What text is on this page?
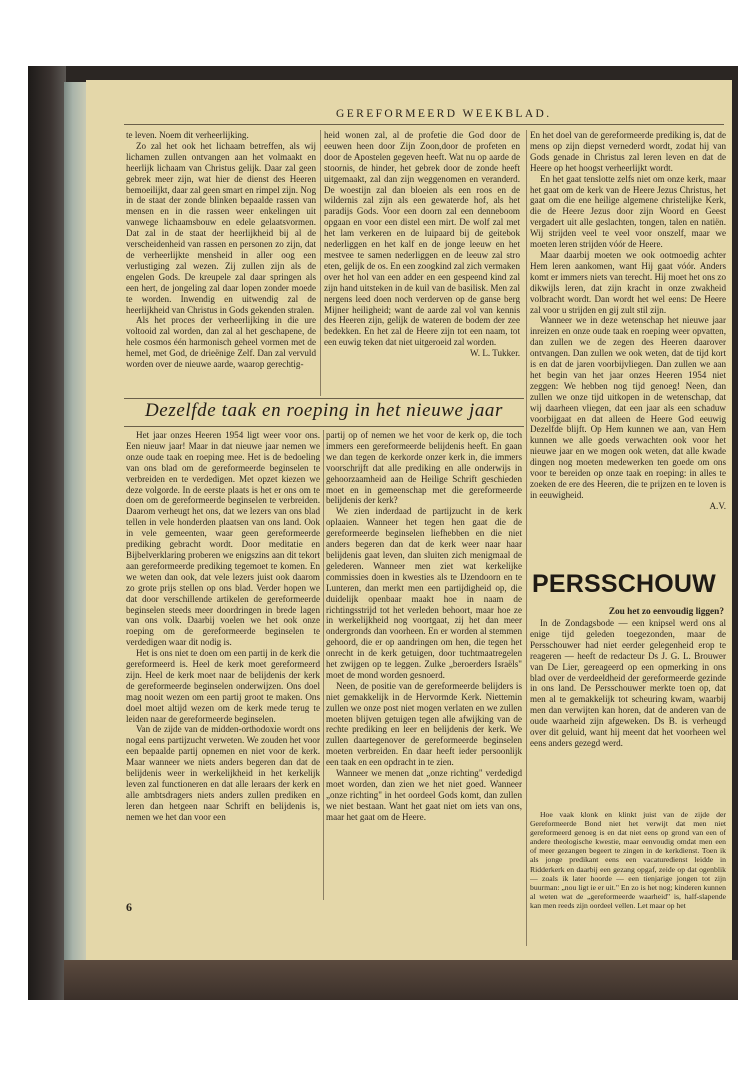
GEREFORMEERD WEEKBLAD.

te leven. Noem dit verheerlijking.

Zo zal het ook het lichaam betreffen, als wij lichamen zullen ontvangen aan het volmaakt en heerlijk lichaam van Christus gelijk. Daar zal geen gebrek meer zijn, wat hier de dienst des Heeren bemoeilijkt, daar zal geen smart en rimpel zijn. Nog in de staat der zonde blinken bepaalde rassen van mensen en in die rassen weer enkelingen uit vanwege lichaamsbouw en edele gelaatsvormen. Dat zal in de staat der heerlijkheid bij al de verscheidenheid van rassen en personen zo zijn, dat de verheerlijkte mensheid in aller oog een verlustiging zal wezen. Zij zullen zijn als de engelen Gods. De kreupele zal daar springen als een hert, de jongeling zal daar lopen zonder moede te worden. Inwendig en uitwendig zal de heerlijkheid van Christus in Gods gekenden stralen.

Als het proces der verheerlijking in die ure voltooid zal worden, dan zal al het geschapene, de hele cosmos één harmonisch geheel vormen met de hemel, met God, de drieënige Zelf. Dan zal vervuld worden over de nieuwe aarde, waarop gerechtig-

heid wonen zal, al de profetie die God door de eeuwen heen door Zijn Zoon,door de profeten en door de Apostelen gegeven heeft. Wat nu op aarde de stoornis, de hinder, het gebrek door de zonde heeft uitgemaakt, zal dan zijn weggenomen en veranderd. De woestijn zal dan bloeien als een roos en de wildernis zal zijn als een gewaterde hof, als het paradijs Gods. Voor een doorn zal een denneboom opgaan en voor een distel een mirt. De wolf zal met het lam verkeren en de luipaard bij de geitebok nederliggen en het kalf en de jonge leeuw en het mestvee te samen nederliggen en de leeuw zal stro eten, gelijk de os. En een zoogkind zal zich vermaken over het hol van een adder en een gespeend kind zal zijn hand uitsteken in de kuil van de basilisk. Men zal nergens leed doen noch verderven op de ganse berg Mijner heiligheid; want de aarde zal vol van kennis des Heeren zijn, gelijk de wateren de bodem der zee bedekken. En het zal de Heere zijn tot een naam, tot een euwig teken dat niet uitgeroeid zal worden.

W. L. Tukker.

En het doel van de gereformeerde prediking is, dat de mens op zijn diepst vernederd wordt, zodat hij van Gods genade in Christus zal leren leven en dat de Heere op het hoogst verheerlijkt wordt.

En het gaat tenslotte zelfs niet om onze kerk, maar het gaat om de kerk van de Heere Jezus Christus, het gaat om die ene heilige algemene christelijke Kerk, die de Heere Jezus door zijn Woord en Geest vergadert uit alle geslachten, tongen, talen en natiën. Wij strijden veel te veel voor onszelf, maar we moeten leren strijden vóór de Heere.

Maar daarbij moeten we ook ootmoedig achter Hem leren aankomen, want Hij gaat vóór. Anders komt er immers niets van terecht. Hij moet het ons zo dikwijls leren, dat zijn kracht in onze zwakheid volbracht wordt. Dan wordt het wel eens: De Heere zal voor u strijden en gij zult stil zijn.

Wanneer we in deze wetenschap het nieuwe jaar inreizen en onze oude taak en roeping weer opvatten, dan zullen we de zegen des Heeren daarover ontvangen. Dan zullen we ook weten, dat de tijd kort is en dat de jaren voorbijvliegen. Dan zullen we aan het begin van het jaar onzes Heeren 1954 niet zeggen: We hebben nog tijd genoeg! Neen, dan zullen we onze tijd uitkopen in de wetenschap, dat wij daarheen vliegen, dat een jaar als een schaduw voorbijgaat en dat alleen de Heere God eeuwig Dezelfde blijft. Op Hem kunnen we aan, van Hem kunnen we alle goeds verwachten ook voor het nieuwe jaar en we mogen ook weten, dat alle kwade dingen nog moeten medewerken ten goede om ons voor te bereiden op onze taak en roeping: in alles te zoeken de ere des Heeren, die te prijzen en te loven is in eeuwigheid.

A.V.
Dezelfde taak en roeping in het nieuwe jaar

Het jaar onzes Heeren 1954 ligt weer voor ons. Een nieuw jaar! Maar in dat nieuwe jaar nemen we onze oude taak en roeping mee. Het is de bedoeling van ons blad om de gereformeerde beginselen te verbreiden en te verdedigen. Met opzet kiezen we deze volgorde. In de eerste plaats is het er ons om te doen om de gereformeerde beginselen te verbreiden. Daarom verheugt het ons, dat we lezers van ons blad tellen in vele honderden plaatsen van ons land. Ook in vele gemeenten, waar geen gereformeerde prediking gebracht wordt. Door meditatie en Bijbelverklaring proberen we enigszins aan dit tekort aan gereformeerde prediking tegemoet te komen. En we weten dan ook, dat vele lezers juist ook daarom zo grote prijs stellen op ons blad. Verder hopen we dat door verschillende artikelen de gereformeerde beginselen steeds meer doordringen in brede lagen van ons volk. Daarbij voelen we het ook onze roeping om de gereformeerde beginselen te verdedigen waar dit nodig is.

Het is ons niet te doen om een partij in de kerk die gereformeerd is. Heel de kerk moet gereformeerd zijn. Heel de kerk moet naar de belijdenis der kerk de gereformeerde beginselen onderwijzen. Ons doel mag nooit wezen om een partij groot te maken. Ons doel moet altijd wezen om de kerk mede terug te leiden naar de gereformeerde beginselen.

Van de zijde van de midden-orthodoxie wordt ons nogal eens partijzucht verweten. We zouden het voor een bepaalde partij opnemen en niet voor de kerk. Maar wanneer we niets anders begeren dan dat de belijdenis weer in werkelijkheid in het kerkelijk leven zal functioneren en dat alle leraars der kerk en alle ambtsdragers niets anders zullen prediken en leren dan hetgeen naar Schrift en belijdenis is, nemen we het dan voor een

partij op of nemen we het voor de kerk op, die toch immers een gereformeerde belijdenis heeft. En gaan we dan tegen de kerkorde onzer kerk in, die immers voorschrijft dat alle prediking en alle onderwijs in gehoorzaamheid aan de Heilige Schrift geschieden moet en in gemeenschap met die gereformeerde belijdenis der kerk?

We zien inderdaad de partijzucht in de kerk oplaaien. Wanneer het tegen hen gaat die de gereformeerde beginselen liefhebben en die niet anders begeren dan dat de kerk weer naar haar belijdenis gaat leven, dan sluiten zich menigmaal de gelederen. Wanneer men ziet wat kerkelijke commissies doen in kwesties als te IJzendoorn en te Lunteren, dan merkt men een partijdigheid op, die duidelijk openbaar maakt hoe in naam de richtingsstrijd tot het verleden behoort, maar hoe ze in werkelijkheid nog voortgaat, zij het dan meer ondergronds dan voorheen. En er worden al stemmen gehoord, die er op aandringen om hen, die tegen het onrecht in de kerk getuigen, door tuchtmaatregelen het zwijgen op te leggen. Zulke „beroerders Israëls" moet de mond worden gesnoerd.

Neen, de positie van de gereformeerde belijders is niet gemakkelijk in de Hervormde Kerk. Niettemin zullen we onze post niet mogen verlaten en we zullen moeten blijven getuigen tegen alle afwijking van de rechte prediking en leer en belijdenis der kerk. We zullen daartegenover de gereformeerde beginselen moeten verbreiden. En daar heeft ieder persoonlijk een taak en een opdracht in te zien.

Wanneer we menen dat „onze richting" verdedigd moet worden, dan zien we het niet goed. Wanneer „onze richting" in het oordeel Gods komt, dan zullen we niet bestaan. Want het gaat niet om iets van ons, maar het gaat om de Heere.

PERSSCHOUW
Zou het zo eenvoudig liggen?

In de Zondagsbode — een knipsel werd ons al enige tijd geleden toegezonden, maar de Persschouwer had niet eerder gelegenheid erop te reageren — heeft de redacteur Ds J. G. L. Brouwer van De Lier, gereageerd op een opmerking in ons blad over de verdeeldheid der gereformeerde gezinde in ons land. De Persschouwer merkte toen op, dat men al te gemakkelijk tot scheuring kwam, waarbij men dan verwijten kan horen, dat de anderen van de oude waarheid zijn afgeweken. Ds B. is verheugd over dit geluid, want hij meent dat het voorheen wel eens anders gezegd werd.

Hoe vaak klonk en klinkt juist van de zijde der Gereformeerde Bond niet het verwijt dat men niet gereformeerd genoeg is en dat niet eens op grond van een of andere theologische kwestie, maar eenvoudig omdat men een of meer gezangen begeert te zingen in de kerkdienst. Toen ik als jonge predikant eens een vacaturedienst leidde in Ridderkerk en daarbij een gezang opgaf, zeide op dat ogenblik — zoals ik later hoorde — een tienjarige jongen tot zijn buurman: „nou ligt ie er uit." En zo is het nog; kinderen kunnen al weten wat de „gereformeerde waarheid" is, half-slapende kan men reeds zijn oordeel vellen. Let maar op het

6
